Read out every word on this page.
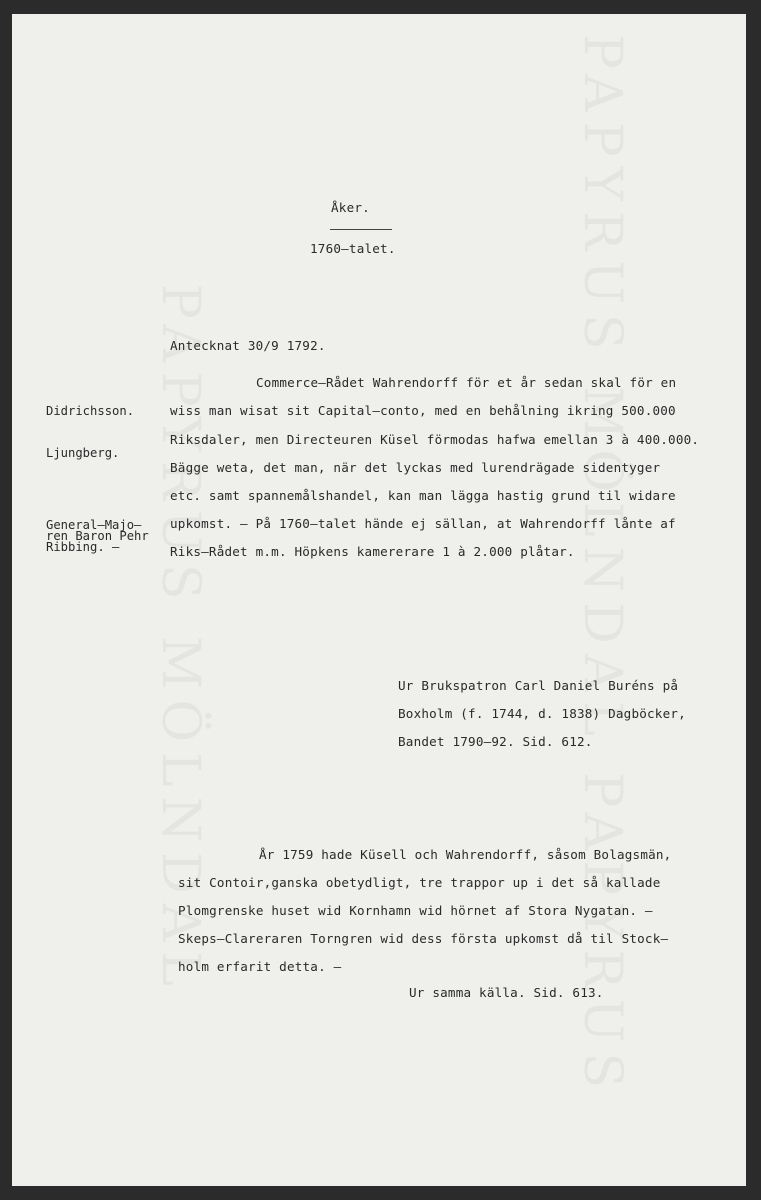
PAPYRUS MÖLNDAL	PAPYRUS MÖLNDAL PAPYRUS
Åker.
1760–talet.
Antecknat 30/9 1792.
Commerce–Rådet Wahrendorff för et år sedan skal för en
wiss man wisat sit Capital–conto, med en behålning ikring 500.000
Riksdaler, men Directeuren Küsel förmodas hafwa emellan 3 à 400.000.
Bägge weta, det man, när det lyckas med lurendrägade sidentyger
etc. samt spannemålshandel, kan man lägga hastig grund til widare
upkomst. – På 1760–talet hände ej sällan, at Wahrendorff lånte af
Riks–Rådet m.m. Höpkens kamererare 1 à 2.000 plåtar.
Didrichsson.
Ljungberg.
General–Majo–
ren Baron Pehr
Ribbing. –
Ur Brukspatron Carl Daniel Buréns på
Boxholm (f. 1744, d. 1838) Dagböcker,
Bandet 1790–92. Sid. 612.
År 1759 hade Küsell och Wahrendorff, såsom Bolagsmän,
sit Contoir,ganska obetydligt, tre trappor up i det så kallade
Plomgrenske huset wid Kornhamn wid hörnet af Stora Nygatan. –
Skeps–Clareraren Torngren wid dess första upkomst då til Stock–
holm erfarit detta. –
Ur samma källa. Sid. 613.
